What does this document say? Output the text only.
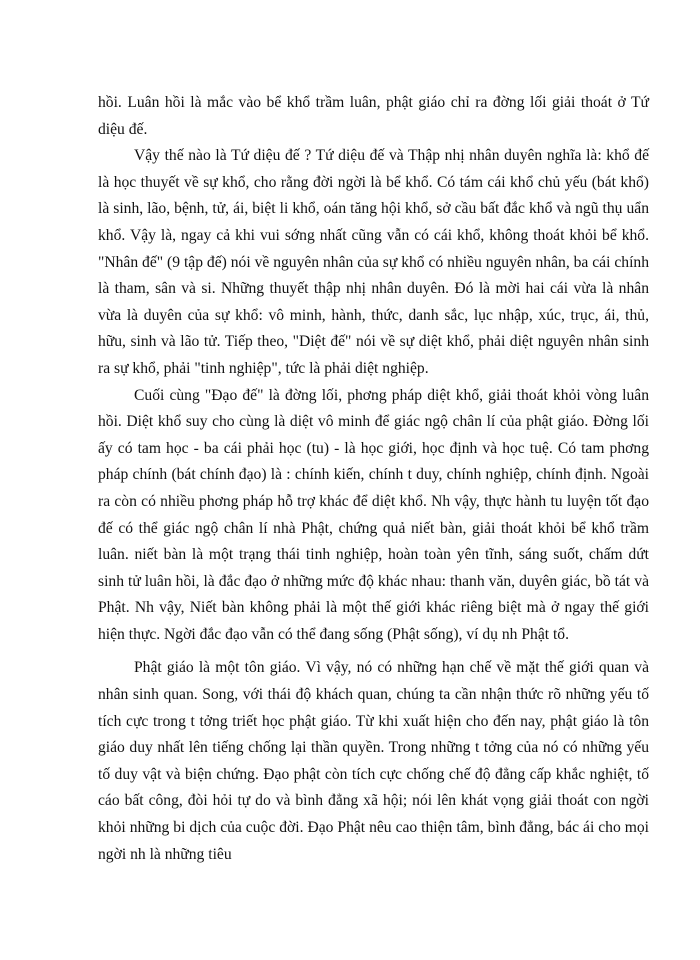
hồi. Luân hồi là mắc vào bể khổ trầm luân, phật giáo chỉ ra đờng lối giải thoát ở Tứ diệu đế.

Vậy thế nào là Tứ diệu đế ? Tứ diệu đế và Thập nhị nhân duyên nghĩa là: khổ đế là học thuyết về sự khổ, cho rằng đời ngời là bể khổ. Có tám cái khổ chủ yếu (bát khổ) là sinh, lão, bệnh, tử, ái, biệt li khổ, oán tăng hội khổ, sở cầu bất đắc khổ và ngũ thụ uẩn khổ. Vậy là, ngay cả khi vui sớng nhất cũng vẫn có cái khổ, không thoát khỏi bể khổ. "Nhân đế" (9 tập đế) nói về nguyên nhân của sự khổ có nhiều nguyên nhân, ba cái chính là tham, sân và si. Những thuyết thập nhị nhân duyên. Đó là mời hai cái vừa là nhân vừa là duyên của sự khổ: vô minh, hành, thức, danh sắc, lục nhập, xúc, trục, ái, thủ, hữu, sinh và lão tử. Tiếp theo, "Diệt đế" nói về sự diệt khổ, phải diệt nguyên nhân sinh ra sự khổ, phải "tinh nghiệp", tức là phải diệt nghiệp.

Cuối cùng "Đạo đế" là đờng lối, phơng pháp diệt khổ, giải thoát khỏi vòng luân hồi. Diệt khổ suy cho cùng là diệt vô minh để giác ngộ chân lí của phật giáo. Đờng lối ấy có tam học - ba cái phải học (tu) - là học giới, học định và học tuệ. Có tam phơng pháp chính (bát chính đạo) là : chính kiến, chính t duy, chính nghiệp, chính định. Ngoài ra còn có nhiều phơng pháp hỗ trợ khác để diệt khổ. Nh vậy, thực hành tu luyện tốt đạo đế có thể giác ngộ chân lí nhà Phật, chứng quả niết bàn, giải thoát khỏi bể khổ trầm luân. niết bàn là một trạng thái tinh nghiệp, hoàn toàn yên tĩnh, sáng suốt, chấm dứt sinh tử luân hồi, là đắc đạo ở những mức độ khác nhau: thanh văn, duyên giác, bồ tát và Phật. Nh vậy, Niết bàn không phải là một thế giới khác riêng biệt mà ở ngay thế giới hiện thực. Ngời đắc đạo vẫn có thể đang sống (Phật sống), ví dụ nh Phật tổ.

Phật giáo là một tôn giáo. Vì vậy, nó có những hạn chế về mặt thế giới quan và nhân sinh quan. Song, với thái độ khách quan, chúng ta cần nhận thức rõ những yếu tố tích cực trong t tởng triết học phật giáo. Từ khi xuất hiện cho đến nay, phật giáo là tôn giáo duy nhất lên tiếng chống lại thần quyền. Trong những t tởng của nó có những yếu tố duy vật và biện chứng. Đạo phật còn tích cực chống chế độ đẳng cấp khắc nghiệt, tố cáo bất công, đòi hỏi tự do và bình đẳng xã hội; nói lên khát vọng giải thoát con ngời khỏi những bi dịch của cuộc đời. Đạo Phật nêu cao thiện tâm, bình đẳng, bác ái cho mọi ngời nh là những tiêu
